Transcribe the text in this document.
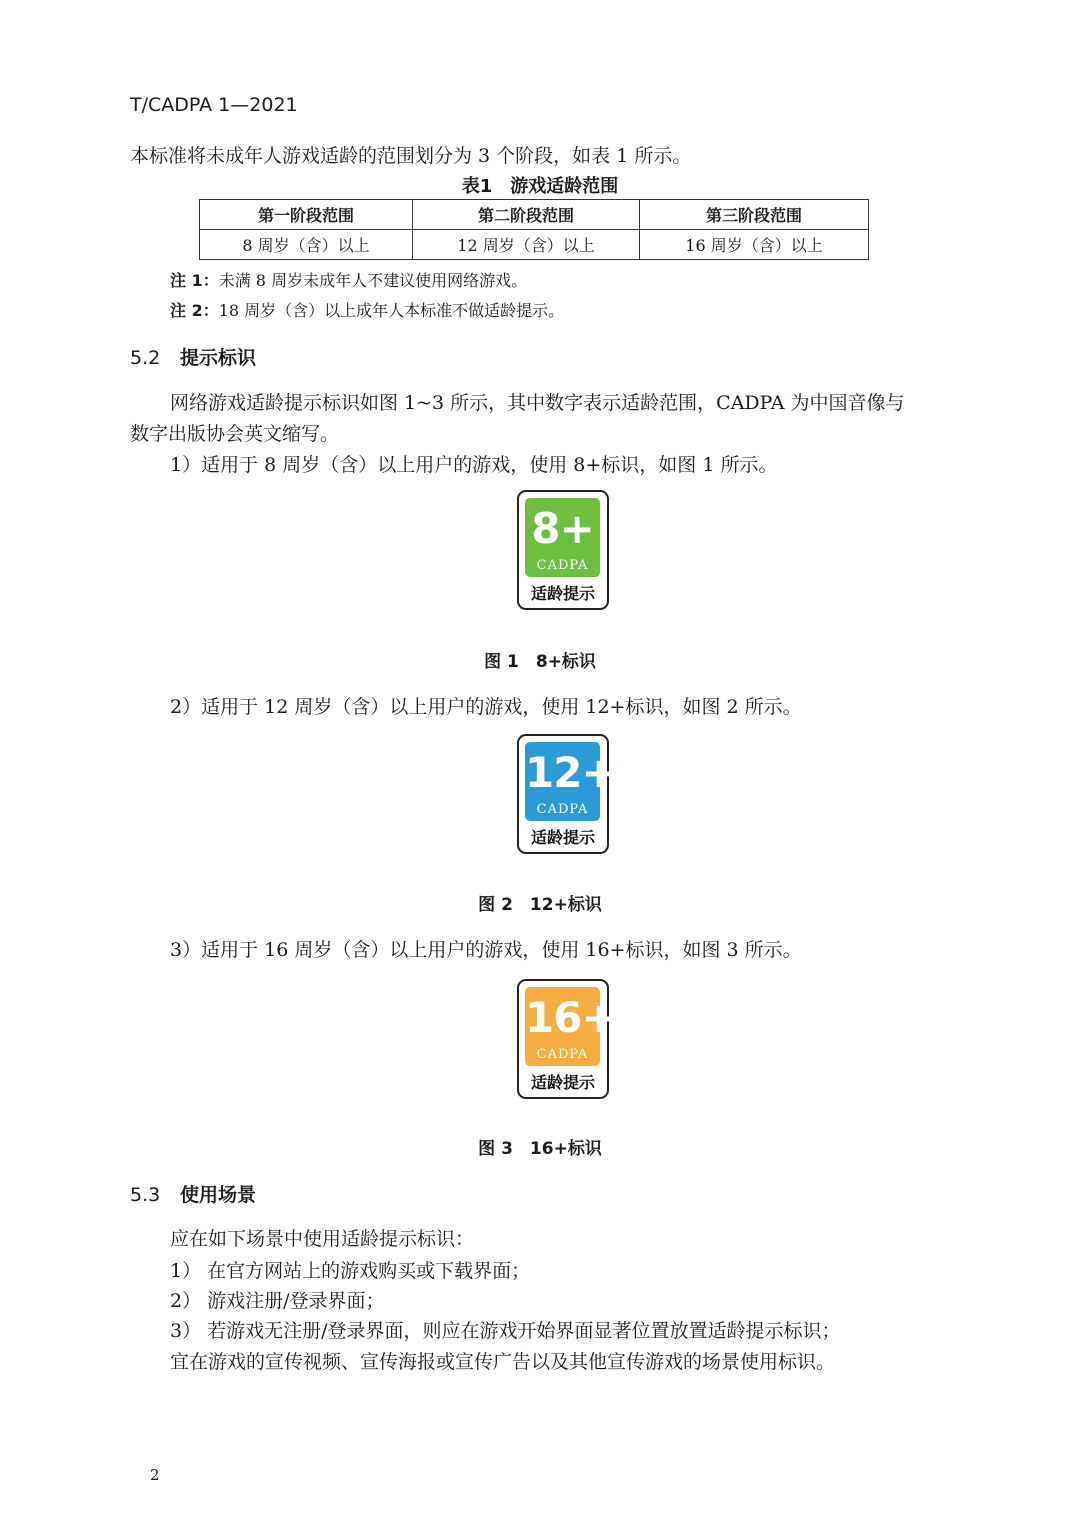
T/CADPA 1—2021
本标准将未成年人游戏适龄的范围划分为 3 个阶段，如表 1 所示。
表1　游戏适龄范围
第一阶段范围	第二阶段范围	第三阶段范围
8 周岁（含）以上	12 周岁（含）以上	16 周岁（含）以上
注 1：未满 8 周岁未成年人不建议使用网络游戏。
注 2：18 周岁（含）以上成年人本标准不做适龄提示。
5.2 提示标识
网络游戏适龄提示标识如图 1~3 所示，其中数字表示适龄范围，CADPA 为中国音像与
数字出版协会英文缩写。
1）适用于 8 周岁（含）以上用户的游戏，使用 8+标识，如图 1 所示。
8+
CADPA
适龄提示
图 1　8+标识
2）适用于 12 周岁（含）以上用户的游戏，使用 12+标识，如图 2 所示。
12+
CADPA
适龄提示
图 2　12+标识
3）适用于 16 周岁（含）以上用户的游戏，使用 16+标识，如图 3 所示。
16+
CADPA
适龄提示
图 3　16+标识
5.3 使用场景
应在如下场景中使用适龄提示标识：
1） 在官方网站上的游戏购买或下载界面；
2） 游戏注册/登录界面；
3） 若游戏无注册/登录界面，则应在游戏开始界面显著位置放置适龄提示标识；
宜在游戏的宣传视频、宣传海报或宣传广告以及其他宣传游戏的场景使用标识。
2
